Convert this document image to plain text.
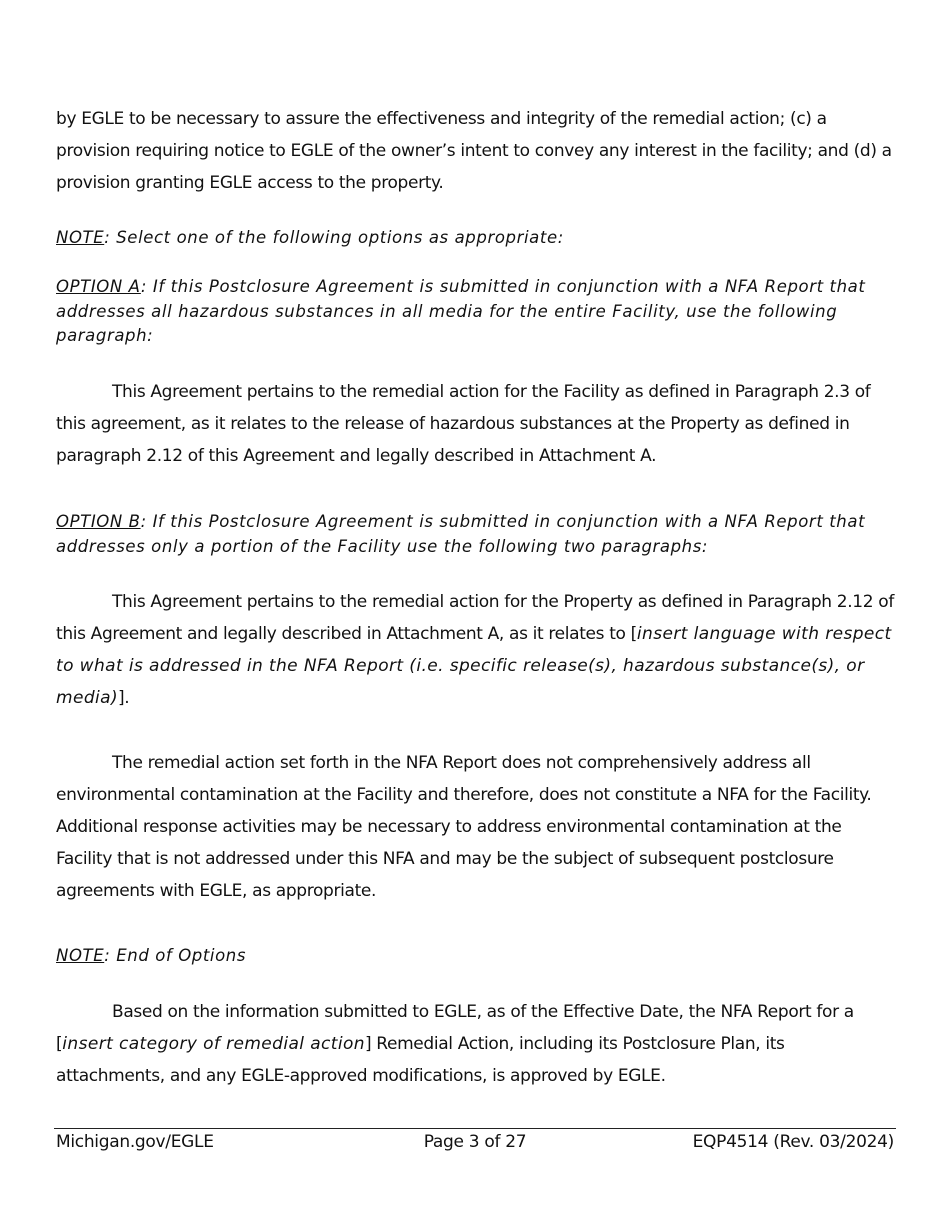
by EGLE to be necessary to assure the effectiveness and integrity of the remedial action; (c) a provision requiring notice to EGLE of the owner’s intent to convey any interest in the facility; and (d) a provision granting EGLE access to the property.

NOTE: Select one of the following options as appropriate:

OPTION A: If this Postclosure Agreement is submitted in conjunction with a NFA Report that addresses all hazardous substances in all media for the entire Facility, use the following paragraph:

This Agreement pertains to the remedial action for the Facility as defined in Paragraph 2.3 of this agreement, as it relates to the release of hazardous substances at the Property as defined in paragraph 2.12 of this Agreement and legally described in Attachment A.

OPTION B: If this Postclosure Agreement is submitted in conjunction with a NFA Report that addresses only a portion of the Facility use the following two paragraphs:

This Agreement pertains to the remedial action for the Property as defined in Paragraph 2.12 of this Agreement and legally described in Attachment A, as it relates to [insert language with respect to what is addressed in the NFA Report (i.e. specific release(s), hazardous substance(s), or media)].

The remedial action set forth in the NFA Report does not comprehensively address all environmental contamination at the Facility and therefore, does not constitute a NFA for the Facility. Additional response activities may be necessary to address environmental contamination at the Facility that is not addressed under this NFA and may be the subject of subsequent postclosure agreements with EGLE, as appropriate.

NOTE: End of Options

Based on the information submitted to EGLE, as of the Effective Date, the NFA Report for a [insert category of remedial action] Remedial Action, including its Postclosure Plan, its attachments, and any EGLE-approved modifications, is approved by EGLE.

Michigan.gov/EGLE	Page 3 of 27	EQP4514 (Rev. 03/2024)
